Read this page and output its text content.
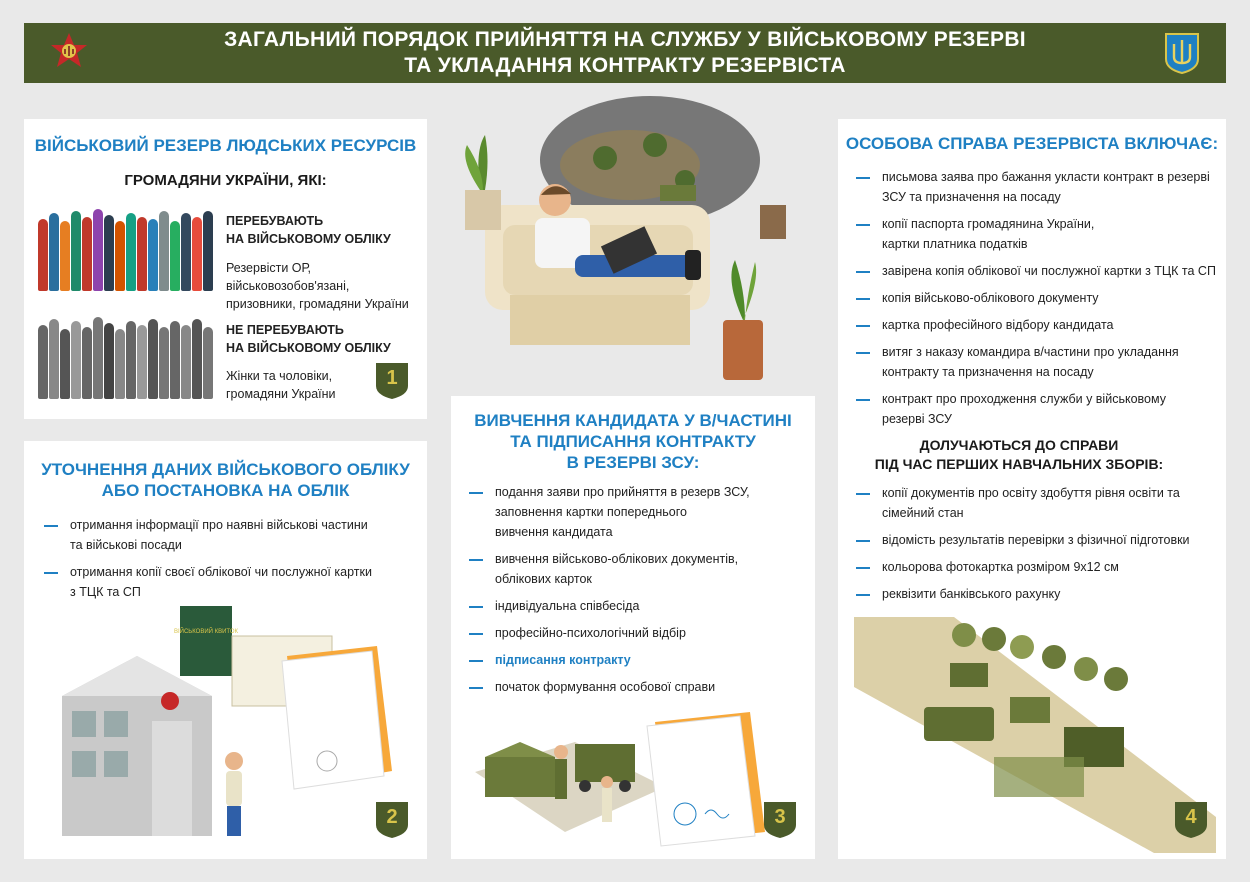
ЗАГАЛЬНИЙ ПОРЯДОК ПРИЙНЯТТЯ НА СЛУЖБУ У ВІЙСЬКОВОМУ РЕЗЕРВІ
ТА УКЛАДАННЯ КОНТРАКТУ РЕЗЕРВІСТА
ВІЙСЬКОВИЙ РЕЗЕРВ ЛЮДСЬКИХ РЕСУРСІВ
ГРОМАДЯНИ УКРАЇНИ, ЯКІ:
ПЕРЕБУВАЮТЬ
НА ВІЙСЬКОВОМУ ОБЛІКУ
Резервісти ОР, військовозобов'язані,
призовники, громадяни України
НЕ ПЕРЕБУВАЮТЬ
НА ВІЙСЬКОВОМУ ОБЛІКУ
Жінки та чоловіки,
громадяни України
1
УТОЧНЕННЯ ДАНИХ ВІЙСЬКОВОГО ОБЛІКУ
АБО ПОСТАНОВКА НА ОБЛІК
отримання інформації про наявні військові частини
та військові посади
отримання копії своєї облікової чи послужної картки
з ТЦК та СП
ВІЙСЬКОВИЙ КВИТОК
2
ВИВЧЕННЯ КАНДИДАТА У В/ЧАСТИНІ
ТА ПІДПИСАННЯ КОНТРАКТУ
В РЕЗЕРВІ ЗСУ:
подання заяви про прийняття в резерв ЗСУ,
заповнення картки попереднього
вивчення кандидата
вивчення військово-облікових документів,
облікових карток
індивідуальна співбесіда
професійно-психологічний відбір
підписання контракту
початок формування особової справи
3
ОСОБОВА СПРАВА РЕЗЕРВІСТА ВКЛЮЧАЄ:
письмова заява про бажання укласти контракт в резерві
ЗСУ та призначення на посаду
копії паспорта громадянина України,
картки платника податків
завірена копія облікової чи послужної картки з ТЦК та СП
копія військово-облікового документу
картка професійного відбору кандидата
витяг з наказу командира в/частини про укладання
контракту та призначення на посаду
контракт про проходження служби у військовому
резерві ЗСУ
ДОЛУЧАЮТЬСЯ ДО СПРАВИ
ПІД ЧАС ПЕРШИХ НАВЧАЛЬНИХ ЗБОРІВ:
копії документів про освіту здобуття рівня освіти та
сімейний стан
відомість результатів перевірки з фізичної підготовки
кольорова фотокартка розміром 9х12 см
реквізити банківського рахунку
4
